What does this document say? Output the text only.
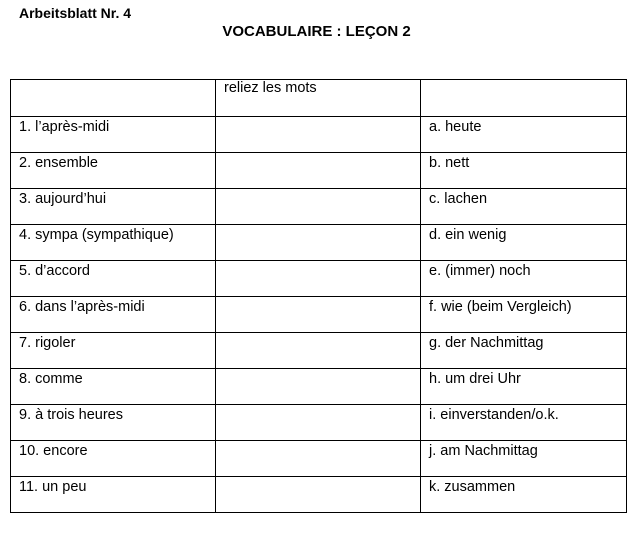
Arbeitsblatt Nr. 4
VOCABULAIRE : LEÇON 2
	reliez les mots	
1. l’après-midi		a. heute
2. ensemble		b. nett
3. aujourd’hui		c. lachen
4. sympa (sympathique)		d. ein wenig
5. d’accord		e. (immer) noch
6. dans l’après-midi		f. wie (beim Vergleich)
7. rigoler		g. der Nachmittag
8. comme		h. um drei Uhr
9. à trois heures		i. einverstanden/o.k.
10. encore		j. am Nachmittag
11. un peu		k. zusammen
